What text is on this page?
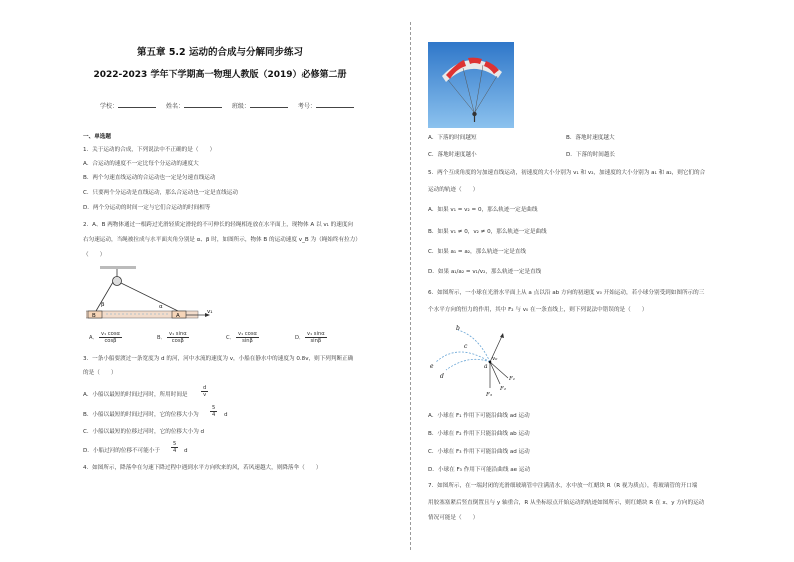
第五章 5.2 运动的合成与分解同步练习
2022-2023 学年下学期高一物理人教版（2019）必修第二册
学校：	姓名：	班级：	考号：
一、单选题
1．关于运动的合成，下列说法中不正确的是（　　）
A．合运动的速度不一定比每个分运动的速度大
B．两个匀速直线运动的合运动也一定是匀速直线运动
C．只要两个分运动是直线运动，那么合运动也一定是直线运动
D．两个分运动的时间一定与它们合运动的时间相等
2．A、B 两物体通过一根跨过光滑轻质定滑轮的不可伸长的轻绳相连放在水平面上，现物体 A 以 v₁ 的速度向
右匀速运动，当绳被拉成与水平面夹角分别是 α、β 时，如图所示，物体 B 的运动速度 v_B 为（绳始终有拉力）
（　　）
B	A
β	α
v₁
A．
v₁ cosα
cosβ	B．
v₁ sinα
cosβ	C．
v₁ cosα
sinβ	D．
v₁ sinα
sinβ
3．一条小船要渡过一条宽度为 d 的河，河中水流的速度为 v，小船在静水中的速度为 0.8v，则下列判断正确
的是（　　）
A．小船以最短的时间过河时，所用时间是	$\frac{d}{v}$
B．小船以最短的时间过河时，它的位移大小为 $\frac{5}{4}$ d
C．小船以最短的位移过河时，它的位移大小为 d
D．小船过河的位移不可能小于 $\frac{5}{4}$ d
4．如图所示，降落伞在匀速下降过程中遇到水平方向吹来的风，若风速越大，则降落伞（　　）
A．下落的时间越短	B．落地时速度越大
C．落地时速度越小	D．下落的时间越长
5．两个互成角度的匀加速直线运动，初速度的大小分别为 v₁ 和 v₂，加速度的大小分别为 a₁ 和 a₂，则它们的合
运动的轨迹（　　）
A．如果 v₁ = v₂ = 0，那么轨迹一定是曲线
B．如果 v₁ ≠ 0，v₂ ≠ 0，那么轨迹一定是曲线
C．如果 a₁ = a₂，那么轨迹一定是直线
D．如果 a₁/a₂ = v₁/v₂，那么轨迹一定是直线
6．如图所示，一小球在光滑水平面上从 a 点以沿 ab 方向的初速度 v₀ 开始运动，若小球分别受到如图所示的三
个水平方向的恒力的作用，其中 F₂ 与 v₀ 在一条直线上，则下列说法中错误的是（　　）
b
c
d
e	a
v₀
F₁
F₂
F₃
A．小球在 F₁ 作用下可能沿曲线 ad 运动
B．小球在 F₂ 作用下只能沿曲线 ab 运动
C．小球在 F₃ 作用下可能沿曲线 ad 运动
D．小球在 F₃ 作用下可能沿曲线 ae 运动
7．如图所示，在一端封闭的光滑细玻璃管中注满清水，水中放一红蜡块 R（R 视为质点），将玻璃管的开口端
用胶塞塞紧后竖直倒置且与 y 轴重合，R 从坐标原点开始运动的轨迹如图所示，则红蜡块 R 在 x、y 方向的运动
情况可能是（　　）
